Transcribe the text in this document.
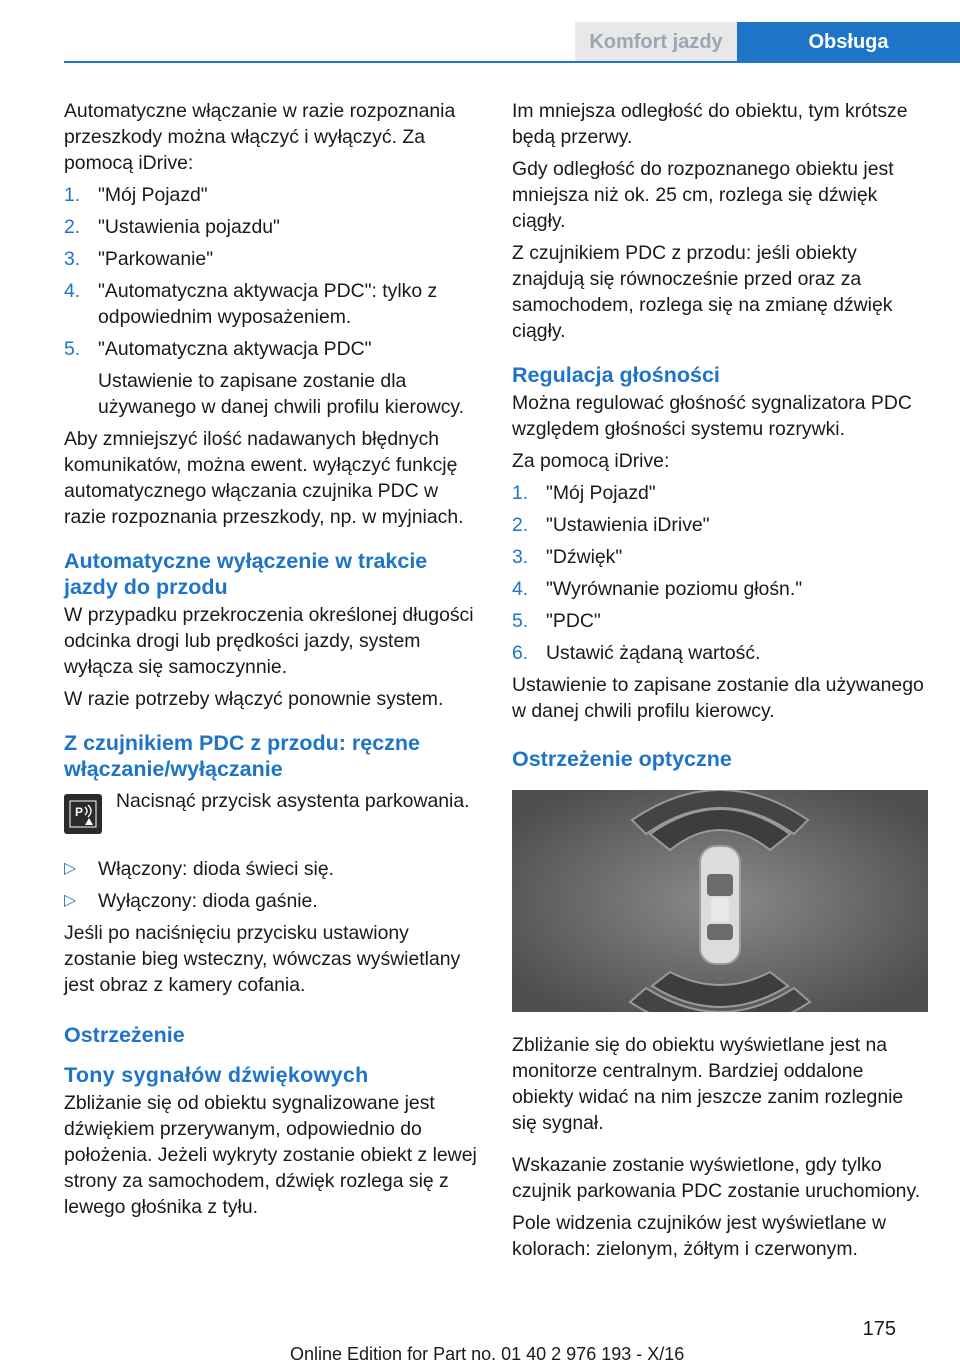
Komfort jazdy	Obsługa

Automatyczne włączanie w razie rozpoznania przeszkody można włączyć i wyłączyć. Za pomocą iDrive:

1. "Mój Pojazd"
2. "Ustawienia pojazdu"
3. "Parkowanie"
4. "Automatyczna aktywacja PDC": tylko z odpowiednim wyposażeniem.
5. "Automatyczna aktywacja PDC"

Ustawienie to zapisane zostanie dla używanego w danej chwili profilu kierowcy.

Aby zmniejszyć ilość nadawanych błędnych komunikatów, można ewent. wyłączyć funkcję automatycznego włączania czujnika PDC w razie rozpoznania przeszkody, np. w myjniach.

Automatyczne wyłączenie w trakcie jazdy do przodu

W przypadku przekroczenia określonej długości odcinka drogi lub prędkości jazdy, system wyłącza się samoczynnie.

W razie potrzeby włączyć ponownie system.

Z czujnikiem PDC z przodu: ręczne włączanie/wyłączanie
P Nacisnąć przycisk asystenta parkowania.
▷ Włączony: dioda świeci się.
▷ Wyłączony: dioda gaśnie.

Jeśli po naciśnięciu przycisku ustawiony zostanie bieg wsteczny, wówczas wyświetlany jest obraz z kamery cofania.

Ostrzeżenie
Tony sygnałów dźwiękowych

Zbliżanie się od obiektu sygnalizowane jest dźwiękiem przerywanym, odpowiednio do położenia. Jeżeli wykryty zostanie obiekt z lewej strony za samochodem, dźwięk rozlega się z lewego głośnika z tyłu.

Im mniejsza odległość do obiektu, tym krótsze będą przerwy.

Gdy odległość do rozpoznanego obiektu jest mniejsza niż ok. 25 cm, rozlega się dźwięk ciągły.

Z czujnikiem PDC z przodu: jeśli obiekty znajdują się równocześnie przed oraz za samochodem, rozlega się na zmianę dźwięk ciągły.

Regulacja głośności

Można regulować głośność sygnalizatora PDC względem głośności systemu rozrywki.

Za pomocą iDrive:

1. "Mój Pojazd"
2. "Ustawienia iDrive"
3. "Dźwięk"
4. "Wyrównanie poziomu głośn."
5. "PDC"
6. Ustawić żądaną wartość.

Ustawienie to zapisane zostanie dla używanego w danej chwili profilu kierowcy.

Ostrzeżenie optyczne

Zbliżanie się do obiektu wyświetlane jest na monitorze centralnym. Bardziej oddalone obiekty widać na nim jeszcze zanim rozlegnie się sygnał.

Wskazanie zostanie wyświetlone, gdy tylko czujnik parkowania PDC zostanie uruchomiony.

Pole widzenia czujników jest wyświetlane w kolorach: zielonym, żółtym i czerwonym.

175
Online Edition for Part no. 01 40 2 976 193 - X/16
